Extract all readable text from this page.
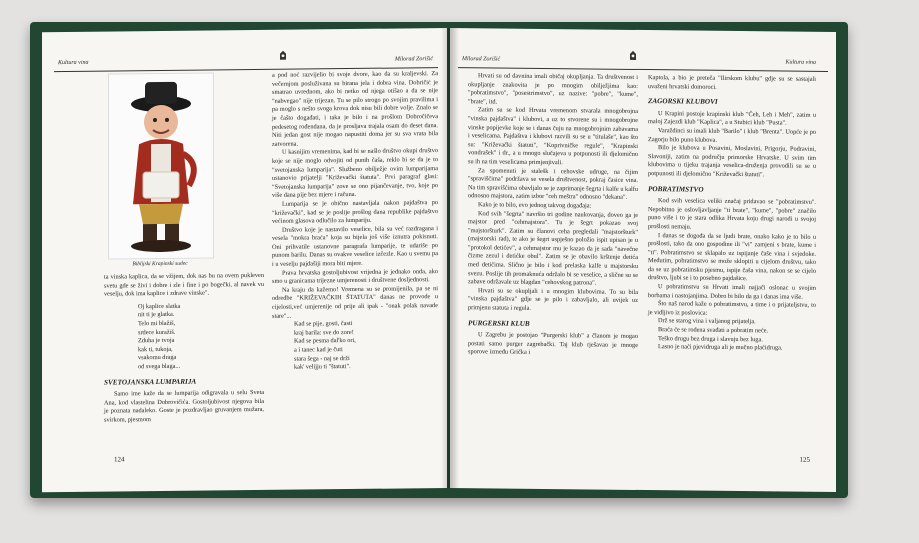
Kultura vina
Milorad Zorišić
Biblijski Krapinski sudec

ta vinska kaplica, da se vžijem, dok nas bu na ovem pukleven svetu gde se živi i dobre i zle i fine i po bogečki, al navek vu veselju, dok ima kaplice i zdrave vinske".

Oj kaplice slatka

nit ti je glatka.

Telo mi blažiš,

srdece kuražiš.

Zduha je tvoja

kak ti, tukoja,

vsakomu draga

od svega blaga...

SVETOJANSKA LUMPARIJA

Samo ime kaže da se lumparija odigravala u selu Sveta Ana, kod vlastelina Dobrovičića. Gostoljubivost njegova bila je poznata nadaleko. Goste je pozdravljao gruvanjem mužara, svirkom, pjesmom

a pod noć razvijelio bi svoje dvore, kao da su kraljevski. Za večernjom posluživana su birana jela i dobra vina. Dobričić je smatrao uvrednom, ako bi netko od njega otišao a da se nije "nabvegao" nije trijezan. Tu se pilo strogo po svojim pravilima i pa moglo s nešto svoga krova dok nisu bili dobre volje. Znalo se je čašto događati, i taka je bilo i na prošlom Dobročičeva pedesetog rođendana, da je prosljava trajala osam do deset dana. Niti jedan gost nije mogao napustiti doma jer su sva vrata bila zatvorena.

U kasnijim vremenima, kad bi se našlo društvo okupi društvo koje se nije moglo odvojiti od punih čaša, reklo bi se da je to "svetojanska lumparija". Službeno obilježje ovim lumparijama ustanovio prijatelji "Križevački štatuta". Prvi paragraf glasi: "Svetojanska lumparija" zove se ono pijančevanje, tvo, koje po više dana pije bez mjere i računa.

Lumparija se je obično nastavljala nakon pajdaštva po "križevački", kad se je poslije prošlog dana republike pajdaštvo većinom glasova odlučilo za lumpariju.

Društvo koje je nastavilo veselice, bila su već razdragana i vesela "mokra braća" koja su bijela još više iznutra pokisnuti. Oni prihvatile ustanovne paragrafa lumparije, te udariše po punom barilu. Danas su ovakve veselice izčezle. Kao u svemu pa i u veselju pajdašiji mora biti mjere.

Prava hrvatska gostoljubivost vrijedna je jednako onda, ako smo u granicama trijezne umjerenosti i društvene dosljednosti.

Na kraju da kažemo! Vremena su se promijenila, pa se ni odredbe "KRIŽEVAČKIH ŠTATUTA" danas ne provode u cijelosti,već umjerenije od prije ali ipak - "onak polak navade stare"...

Kad se pije, gosti, časti

kraj barila: sve do zore!

Kad se pesma dal'ko ori,

a i tanec kad je čuti

stara šega - naj se drži

kak' velijju ti "štatuti".

124
Milorad Zorišić
Kultura vina

Hrvati su od davnina imali običaj okupljanja. Ta društvenost i okupljanje znakovita je po mnogim obilježjima kao: "pobratimstvo", "posestrimstvo", uz nazive: "pobre", "kume", "brate", itd.

Zatim su se kod Hrvata vremenom stvarala mnogobrojna "vinska pajdaštva" i klubovi, a uz to stvorene su i mnogobrojne vinske popijevke koje se i danas čuju na mnogobrojnim zabavama i veselicama. Pajdaštva i klubovi razvili su se u "titulaše", kao što su: "Križevački štatuti", "Koprivničke regule", "Krapinski vondrašek" i dr., a u mnogo slučajeva u potpunosti ili djelomično su ih na tim veselicama primjenjivali.

Za spomenuti je stalešk i cehovske udruge, na čijim "spravišćima" podržava se vesela društvenost, pokraj časice vina. Na tim spravišćima obavljalo se je zaprimanje šegrta i kalfe u kalfu odnosno majstora, zatim izbor "ceh meštra" odnosno "dekana".

Kako je to bilo, evo jednog takvog događaja:

Kod svih "šegrta" navršio tri godine naukovanja, doveo ga je majstor pred "cehmajstora". Tu je šegrt pokazao svoj "majstoršturk". Zatim su članovi ceha pregledali "majstoršturk" (majstorski rad), te ako je šegrt uspješno položio ispit upisan je u "protokol detićev", a cehmajstor mu je kazao da je sada "navečne čizme zezul i detićke obul". Zatim se je obavilo krštenje detića med detićima. Slično je bilo i kod prelaska kalfe u majstorsku svezu. Poslije tih promaknuća održalo bi se veselice, a slične su se zabave održavale uz blagdan "cehovskog patrona".

Hrvati su se okupljali i u mnogim klubovima. To su bila "vinska pajdaštva" gdje se je pilo i zabavljalo, ali uvijek uz primjenu statuta i regula.

PURGERSKI KLUB

U Zagrebu je postojao "Purgerski klub" a članom je mogao postati samo purger zagrebački. Taj klub rješavao je mnoge sporove između Grička i

Kaptola, a bio je preteča "Ilirskom klubu" gdje su se sastajali uvaženi hrvatski domoroci.

ZAGORSKI KLUBOVI

U Krapini postoje krapinski klub "Čeh, Leh i Meh", zatim u maloj Zajezdi klub "Kaplica", a u Stubici klub "Pusta".

Varaždinci su imali klub "Barilo" i klub "Brenta". Uopće je po Zagorju bilo puno klubova.

Bilo je klubova u Posavini, Moslavini, Prigorju, Podravini, Slavoniji, zatim na području primorske Hrvatske. U svim tim klubovima u tijeku trajanja veselica-druženja provodili su se u potpunosti ili djelomično "Križevački štatuti".

POBRATIMSTVO

Kod svih veselica veliki značaj pridavao se "pobratimstvu". Nepobitno je oslovljavljanje "ti brate", "kume", "pobre" značilo puno više i to je stara odlika Hrvata koju drugi narodi u svojoj prošlosti nemaju.

I danas se dogođa da se ljudi brate, onako kako je to bilo u prošlosti, tako da ono gospodine ili "vi" zamjeni s brate, kume i "ti". Pobratimstvo se sklapalo uz ispijanje čaše vina i svjedoke. Međutim, pobratimstvo se može sklopiti u cijelom društvu, tako da se uz pobratimsku pjesmu, ispije čaša vina, nakon se se cijelo društvo, ljubi se i to posebno pajdašice.

U pobratimstvu su Hrvati imali najjači oslonac u svojim borbama i nastojanjima. Dobro bi bilo da ga i danas ima više.

Što naš narod kaže o pobratimstvu, a time i o prijateljstvu, to je vidljivo iz poslovica:

Drž se starog vina i valjanog prijatelja.

Braća će se rodena svađati a pobratim neće.

Teško drugu bez druga i slavuju bez luga.

Lasno je naći pjevidruga ali je mučno plaćidruga.

125
